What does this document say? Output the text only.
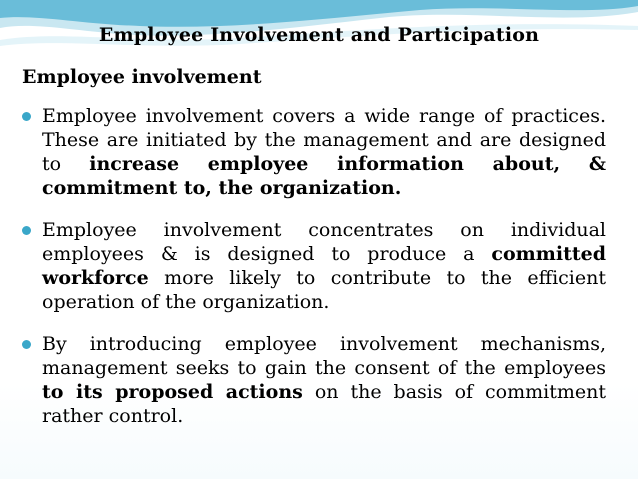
Employee Involvement and Participation
Employee involvement
Employee involvement covers a wide range of practices. These are initiated by the management and are designed to increase employee information about, & commitment to, the organization.
Employee involvement concentrates on individual employees & is designed to produce a committed workforce more likely to contribute to the efficient operation of the organization.
By introducing employee involvement mechanisms, management seeks to gain the consent of the employees to its proposed actions on the basis of commitment rather control.
